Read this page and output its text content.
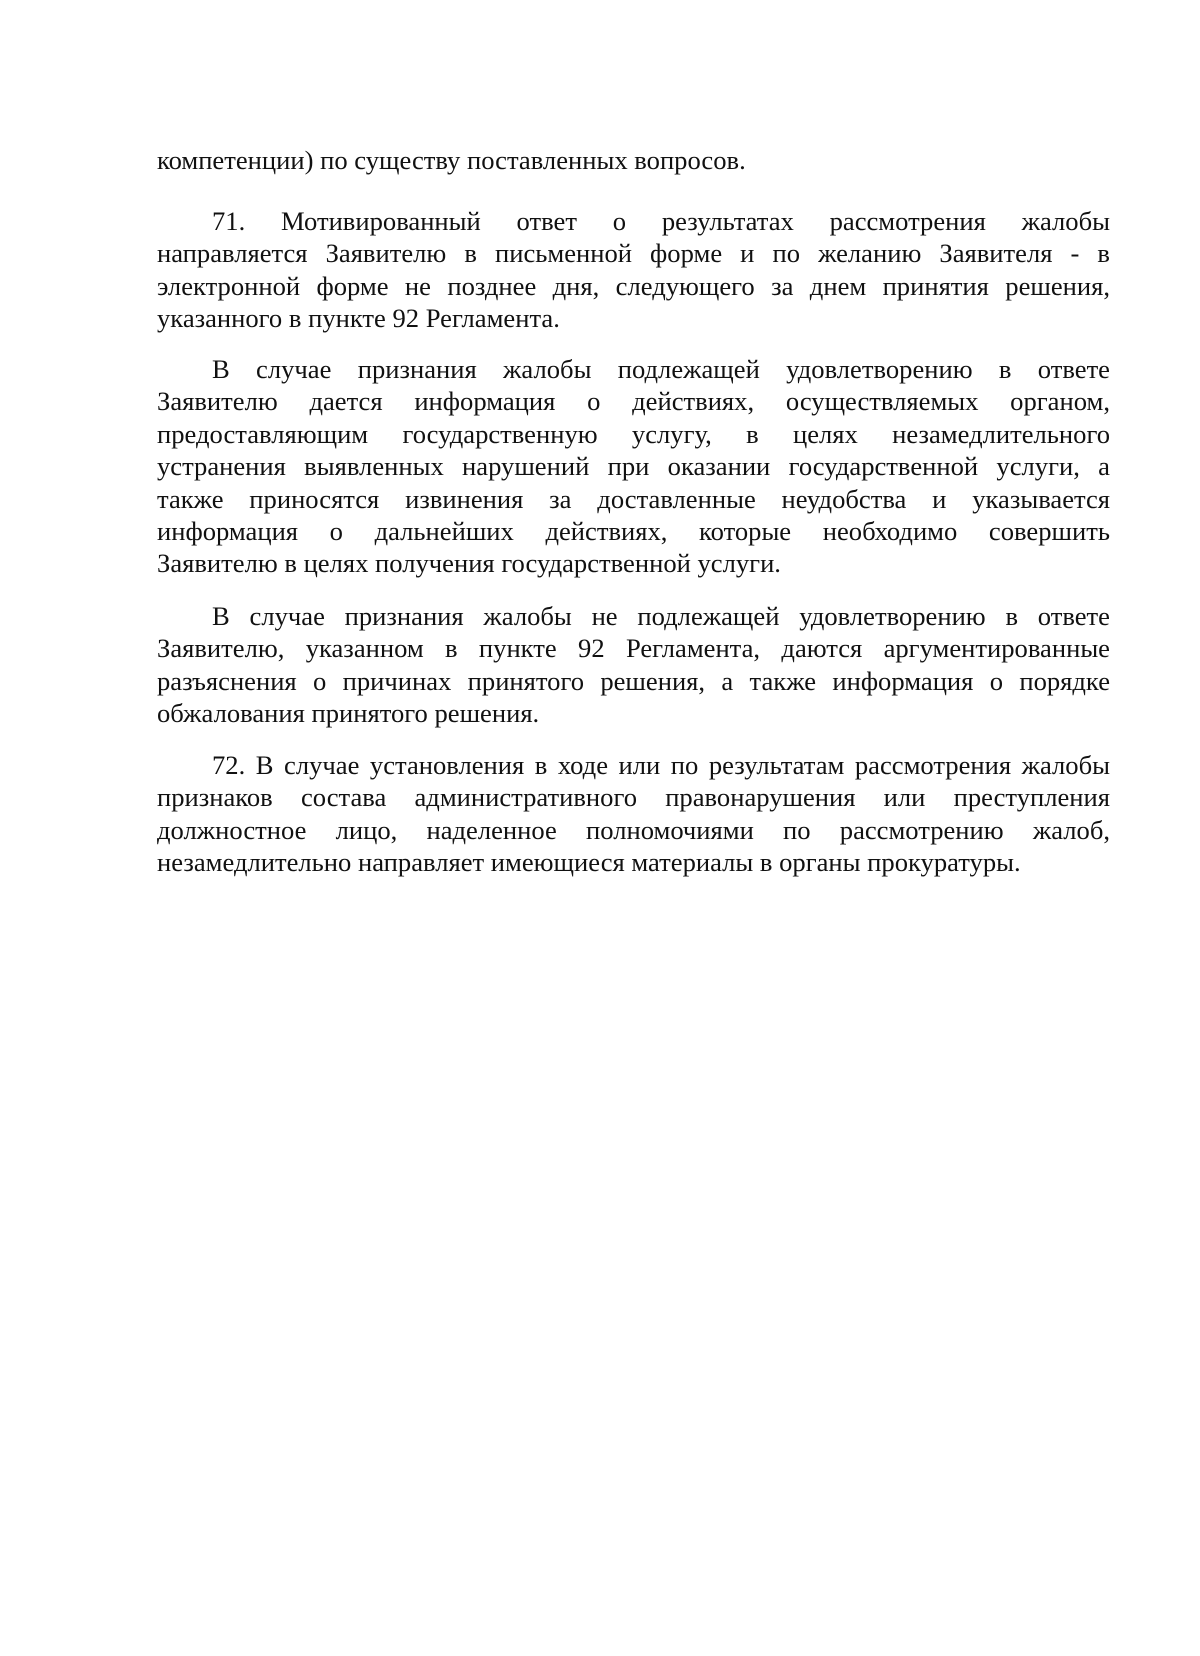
компетенции) по существу поставленных вопросов.
71. Мотивированный ответ о результатах рассмотрения жалобы
направляется Заявителю в письменной форме и по желанию Заявителя - в
электронной форме не позднее дня, следующего за днем принятия решения,
указанного в пункте 92 Регламента.
В случае признания жалобы подлежащей удовлетворению в ответе
Заявителю дается информация о действиях, осуществляемых органом,
предоставляющим государственную услугу, в целях незамедлительного
устранения выявленных нарушений при оказании государственной услуги, а
также приносятся извинения за доставленные неудобства и указывается
информация о дальнейших действиях, которые необходимо совершить
Заявителю в целях получения государственной услуги.
В случае признания жалобы не подлежащей удовлетворению в ответе
Заявителю, указанном в пункте 92 Регламента, даются аргументированные
разъяснения о причинах принятого решения, а также информация о порядке
обжалования принятого решения.
72. В случае установления в ходе или по результатам рассмотрения жалобы
признаков состава административного правонарушения или преступления
должностное лицо, наделенное полномочиями по рассмотрению жалоб,
незамедлительно направляет имеющиеся материалы в органы прокуратуры.
